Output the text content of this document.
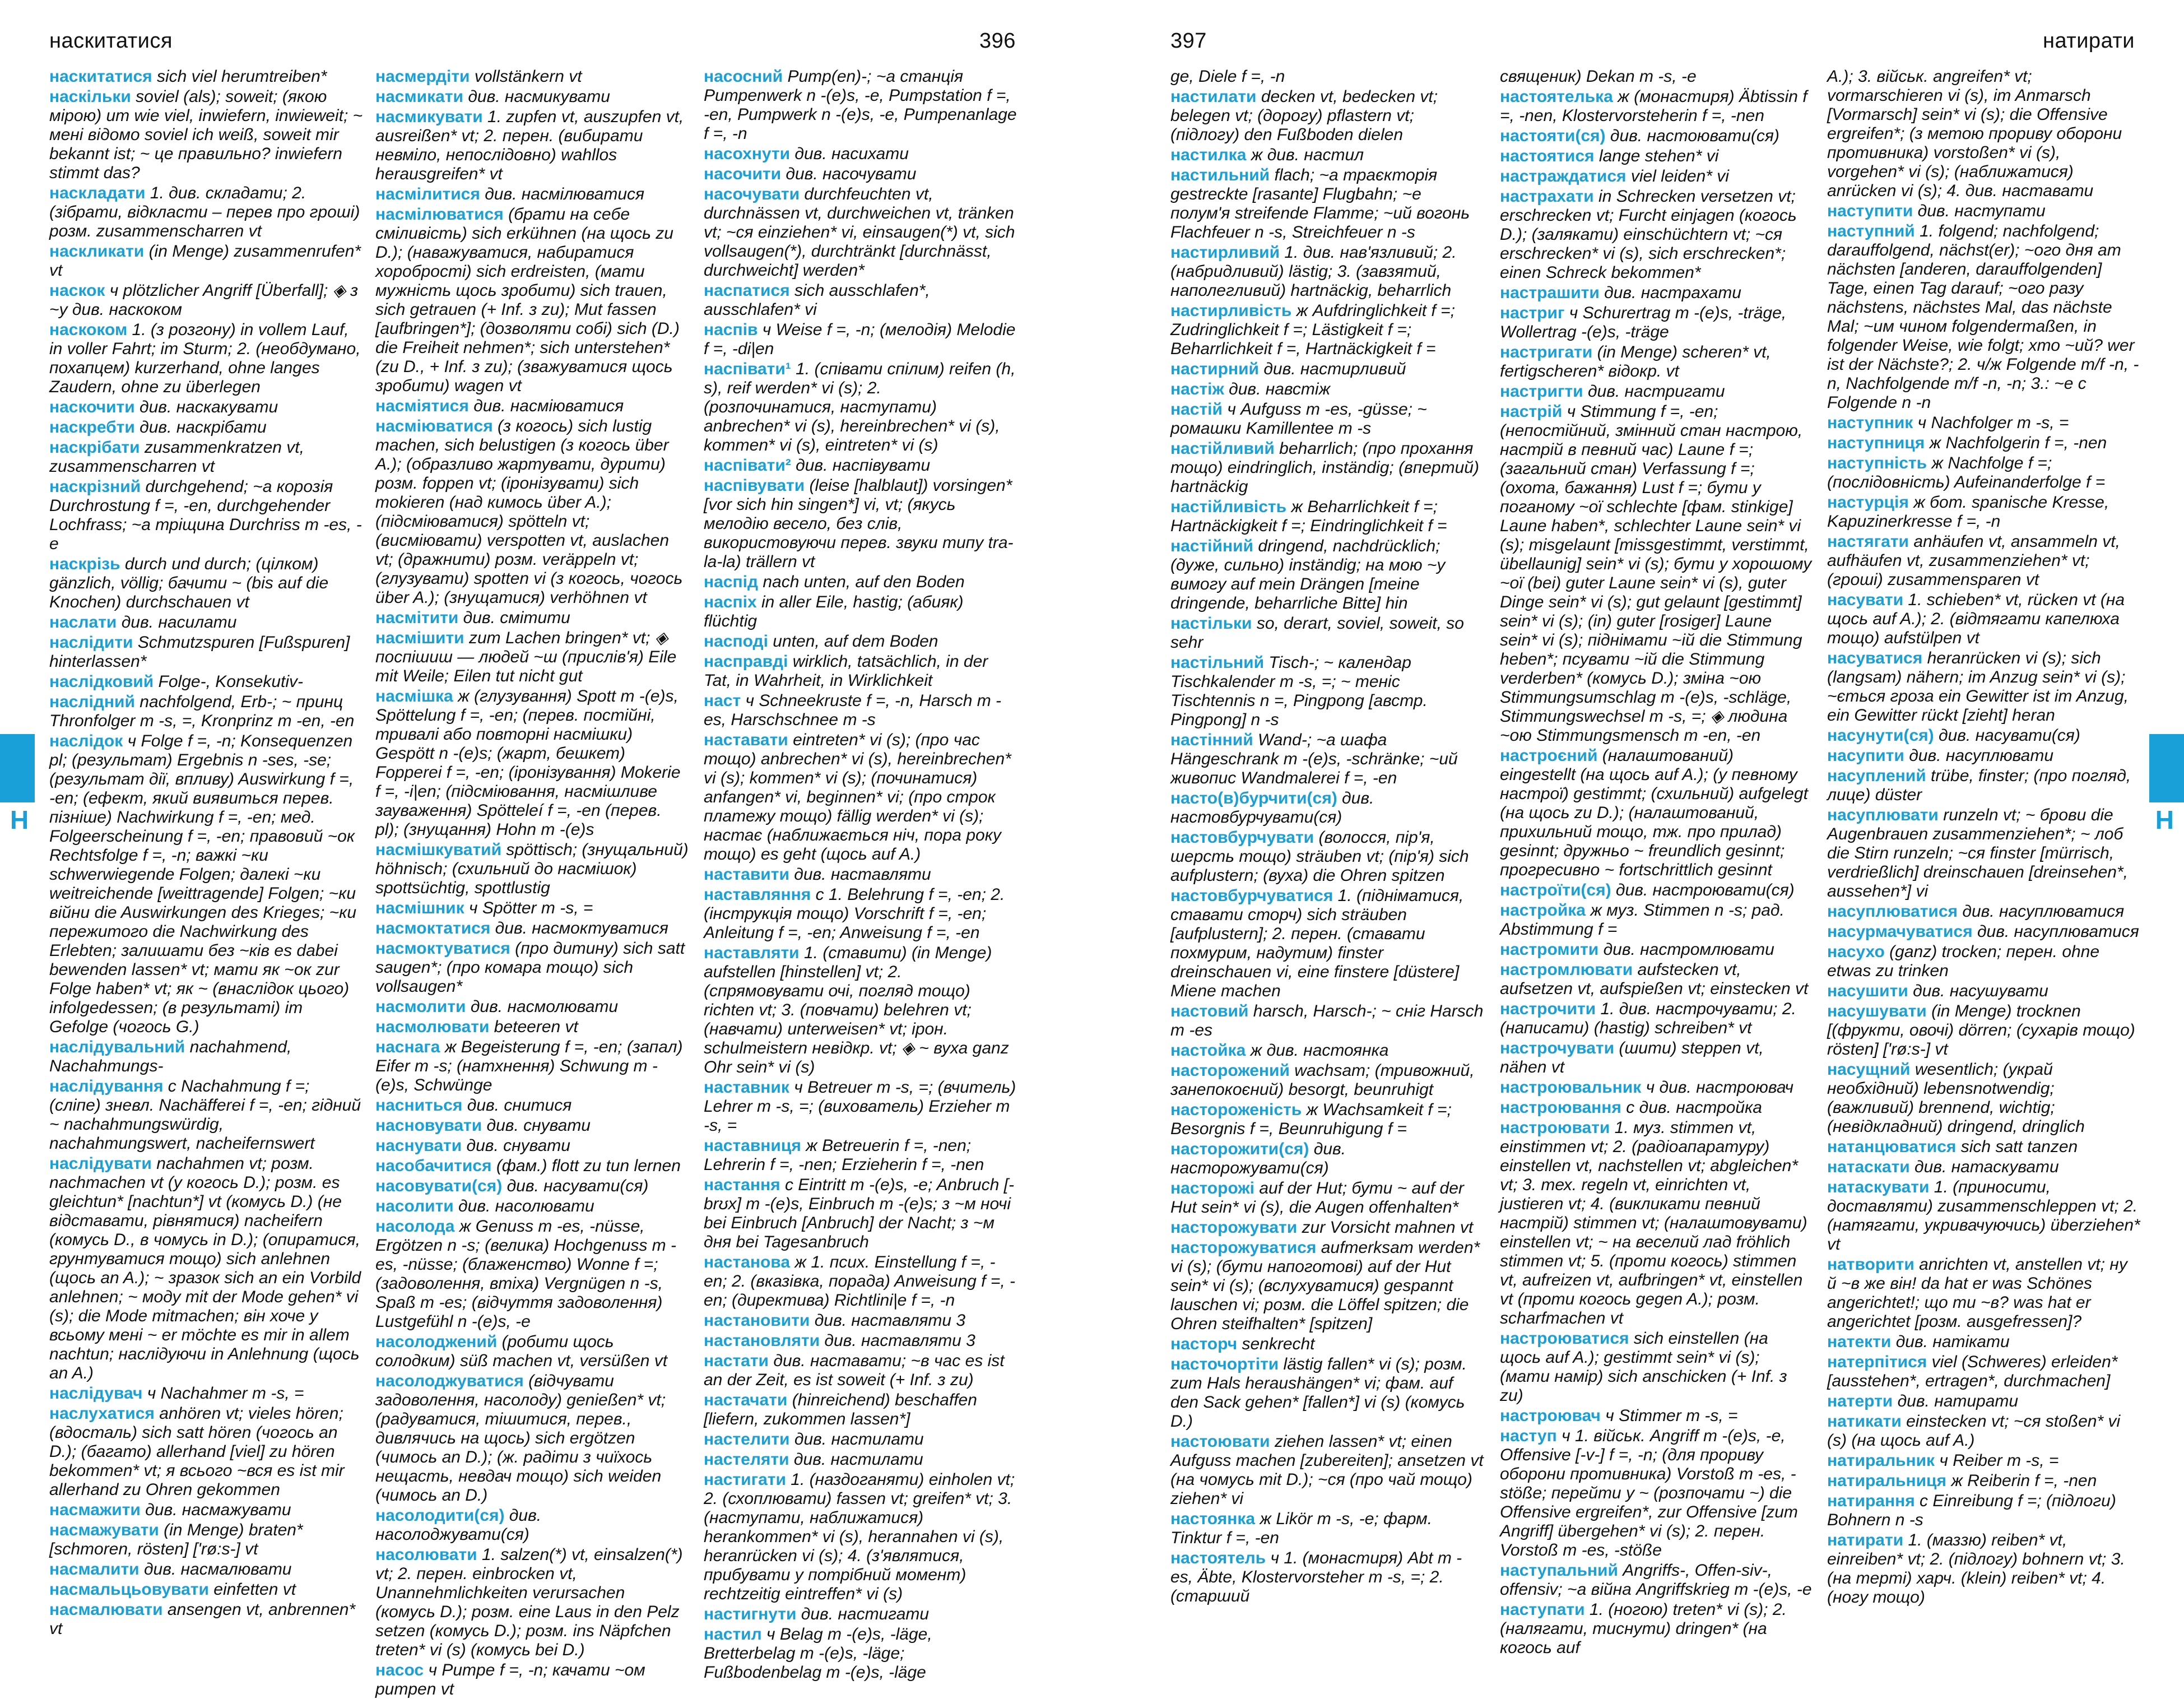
наскитатися	396
наскитатися sich viel herumtreiben*
наскільки soviel (als); soweit; (якою мірою) um wie viel, inwiefern, inwieweit; ~ мені відомо soviel ich weiß, soweit mir bekannt ist; ~ це правильно? inwiefern stimmt das?
наскладати 1. див. складати; 2. (зібрати, відкласти – перев про гроші) розм. zusammenscharren vt
наскликати (in Menge) zusammenrufen* vt
наскок ч plötzlicher Angriff [Überfall]; ◈ з ~у див. наскоком
наскоком 1. (з розгону) in vollem Lauf, in voller Fahrt; im Sturm; 2. (необдумано, похапцем) kurzerhand, ohne langes Zaudern, ohne zu überlegen
наскочити див. наскакувати
наскребти див. наскрібати
наскрібати zusammenkratzen vt, zusammenscharren vt
наскрізний durchgehend; ~а корозія Durchrostung f =, -en, durchgehender Lochfrass; ~а тріщина Durchriss m -es, -e
наскрізь durch und durch; (цілком) gänzlich, völlig; бачити ~ (bis auf die Knochen) durchschauen vt
наслати див. насилати
наслідити Schmutzspuren [Fußspuren] hinterlassen*
наслідковий Folge-, Konsekutiv-
наслідний nachfolgend, Erb-; ~ принц Thronfolger m -s, =, Kronprinz m -en, -en
наслідок ч Folge f =, -n; Konsequenzen pl; (результат) Ergebnis n -ses, -se; (результат дії, впливу) Auswirkung f =, -en; (ефект, який виявиться перев. пізніше) Nachwirkung f =, -en; мед. Folgeerscheinung f =, -en; правовий ~ок Rechtsfolge f =, -n; важкі ~ки schwerwiegende Folgen; далекі ~ки weitreichende [weittragende] Folgen; ~ки війни die Auswirkungen des Krieges; ~ки пережитого die Nachwirkung des Erlebten; залишати без ~ків es dabei bewenden lassen* vt; мати як ~ок zur Folge haben* vt; як ~ (внаслідок цього) infolgedessen; (в результаті) im Gefolge (чогось G.)
наслідувальний nachahmend, Nachahmungs-
наслідування с Nachahmung f =; (сліпе) зневл. Nachäfferei f =, -en; гідний ~ nachahmungswürdig, nachahmungswert, nacheifernswert
наслідувати nachahmen vt; розм. nachmachen vt (у когось D.); розм. es gleichtun* [nachtun*] vt (комусь D.) (не відставати, рівнятися) nacheifern (комусь D., в чомусь in D.); (опиратися, грунтуватися тощо) sich anlehnen (щось an A.); ~ зразок sich an ein Vorbild anlehnen; ~ моду mit der Mode gehen* vi (s); die Mode mitmachen; він хоче у всьому мені ~ er möchte es mir in allem nachtun; наслідуючи in Anlehnung (щось an A.)
наслідувач ч Nachahmer m -s, =
наслухатися anhören vt; vieles hören; (вдосталь) sich satt hören (чогось an D.); (багато) allerhand [viel] zu hören bekommen* vt; я всього ~вся es ist mir allerhand zu Ohren gekommen
насмажити див. насмажувати
насмажувати (in Menge) braten* [schmoren, rösten] ['rø:s-] vt
насмалити див. насмалювати
насмальцьовувати einfetten vt
насмалювати ansengen vt, anbrennen* vt
насмердіти vollstänkern vt
насмикати див. насмикувати
насмикувати 1. zupfen vt, auszupfen vt, ausreißen* vt; 2. перен. (вибирати невміло, непослідовно) wahllos herausgreifen* vt
насмілитися див. насмілюватися
насмілюватися (брати на себе сміливість) sich erkühnen (на щось zu D.); (наважуватися, набиратися хоробрості) sich erdreisten, (мати мужність щось зробити) sich trauen, sich getrauen (+ Inf. з zu); Mut fassen [aufbringen*]; (дозволяти собі) sich (D.) die Freiheit nehmen*; sich unterstehen* (zu D., + Inf. з zu); (зважуватися щось зробити) wagen vt
насміятися див. насміюватися
насміюватися (з когось) sich lustig machen, sich belustigen (з когось über A.); (образливо жартувати, дурити) розм. foppen vt; (іронізувати) sich mokieren (над кимось über A.); (підсміюватися) spötteln vt; (висміювати) verspotten vt, auslachen vt; (дражнити) розм. veräppeln vt; (глузувати) spotten vi (з когось, чогось über A.); (знущатися) verhöhnen vt
насмітити див. смітити
насмішити zum Lachen bringen* vt; ◈ поспішиш — людей ~ш (прислів'я) Eile mit Weile; Eilen tut nicht gut
насмішка ж (глузування) Spott m -(e)s, Spöttelung f =, -en; (перев. постійні, тривалі або повторні насмішки) Gespött n -(e)s; (жарт, бешкет) Fopperei f =, -en; (іронізування) Mokerie f =, -i|en; (підсміювання, насмішливе зауваження) Spötteleí f =, -en (перев. pl); (знущання) Hohn m -(e)s
насмішкуватий spöttisch; (знущальний) höhnisch; (схильний до насмішок) spottsüchtig, spottlustig
насмішник ч Spötter m -s, =
насмоктатися див. насмоктуватися
насмоктуватися (про дитину) sich satt saugen*; (про комара тощо) sich vollsaugen*
насмолити див. насмолювати
насмолювати beteeren vt
наснага ж Begeisterung f =, -en; (запал) Eifer m -s; (натхнення) Schwung m -(e)s, Schwünge
насниться див. снитися
насновувати див. снувати
наснувати див. снувати
насобачитися (фам.) flott zu tun lernen
насовувати(ся) див. насувати(ся)
насолити див. насолювати
насолода ж Genuss m -es, -nüsse, Ergötzen n -s; (велика) Hochgenuss m -es, -nüsse; (блаженство) Wonne f =; (задоволення, втіха) Vergnügen n -s, Spaß m -es; (відчуття задоволення) Lustgefühl n -(e)s, -e
насолоджений (робити щось солодким) süß machen vt, versüßen vt
насолоджуватися (відчувати задоволення, насолоду) genießen* vt; (радуватися, тішитися, перев., дивлячись на щось) sich ergötzen (чимось an D.); (ж. радіти з чиїхось нещасть, невдач тощо) sich weiden (чимось an D.)
насолодити(ся) див. насолоджувати(ся)
насолювати 1. salzen(*) vt, einsalzen(*) vt; 2. перен. einbrocken vt, Unannehmlichkeiten verursachen (комусь D.); розм. eine Laus in den Pelz setzen (комусь D.); розм. ins Näpfchen treten* vi (s) (комусь bei D.)
насос ч Pumpe f =, -n; качати ~ом pumpen vt
насосний Pump(en)-; ~а станція Pumpenwerk n -(e)s, -e, Pumpstation f =, -en, Pumpwerk n -(e)s, -e, Pumpenanlage f =, -n
насохнути див. насихати
насочити див. насочувати
насочувати durchfeuchten vt, durchnässen vt, durchweichen vt, tränken vt; ~ся einziehen* vi, einsaugen(*) vt, sich vollsaugen(*), durchtränkt [durchnässt, durchweicht] werden*
наспатися sich ausschlafen*, ausschlafen* vi
наспів ч Weise f =, -n; (мелодія) Melodie f =, -di|en
наспівати¹ 1. (співати спілим) reifen (h, s), reif werden* vi (s); 2. (розпочинатися, наступати) anbrechen* vi (s), hereinbrechen* vi (s), kommen* vi (s), eintreten* vi (s)
наспівати² див. наспівувати
наспівувати (leise [halblaut]) vorsingen* [vor sich hin singen*] vi, vt; (якусь мелодію весело, без слів, використовуючи перев. звуки типу tra-la-la) trällern vt
наспід nach unten, auf den Boden
наспіх in aller Eile, hastig; (абияк) flüchtig
насподі unten, auf dem Boden
насправді wirklich, tatsächlich, in der Tat, in Wahrheit, in Wirklichkeit
наст ч Schneekruste f =, -n, Harsch m -es, Harschschnee m -s
наставати eintreten* vi (s); (про час тощо) anbrechen* vi (s), hereinbrechen* vi (s); kommen* vi (s); (починатися) anfangen* vi, beginnen* vi; (про строк платежу тощо) fällig werden* vi (s); настає (наближається ніч, пора року тощо) es geht (щось auf A.)
наставити див. наставляти
наставляння с 1. Belehrung f =, -en; 2. (інструкція тощо) Vorschrift f =, -en; Anleitung f =, -en; Anweisung f =, -en
наставляти 1. (ставити) (in Menge) aufstellen [hinstellen] vt; 2. (спрямовувати очі, погляд тощо) richten vt; 3. (повчати) belehren vt; (навчати) unterweisen* vt; ірон. schulmeistern невідкр. vt; ◈ ~ вуха ganz Ohr sein* vi (s)
наставник ч Betreuer m -s, =; (вчитель) Lehrer m -s, =; (вихователь) Erzieher m -s, =
наставниця ж Betreuerin f =, -nen; Lehrerin f =, -nen; Erzieherin f =, -nen
настання с Eintritt m -(e)s, -e; Anbruch [-brʊx] m -(e)s, Einbruch m -(e)s; з ~м ночі bei Einbruch [Anbruch] der Nacht; з ~м дня bei Tagesanbruch
настанова ж 1. псих. Einstellung f =, -en; 2. (вказівка, порада) Anweisung f =, -en; (директива) Richtlini|e f =, -n
настановити див. наставляти 3
настановляти див. наставляти 3
настати див. наставати; ~в час es ist an der Zeit, es ist soweit (+ Inf. з zu)
настачати (hinreichend) beschaffen [liefern, zukommen lassen*]
настелити див. настилати
настеляти див. настилати
настигати 1. (наздоганяти) einholen vt; 2. (схоплювати) fassen vt; greifen* vt; 3. (наступати, наближатися) herankommen* vi (s), herannahen vi (s), heranrücken vi (s); 4. (з'являтися, прибувати у потрібний момент) rechtzeitig eintreffen* vi (s)
настигнути див. настигати
настил ч Belag m -(e)s, -läge, Bretterbelag m -(e)s, -läge; Fußbodenbelag m -(e)s, -läge
397	натирати
ge, Diele f =, -n
настилати decken vt, bedecken vt; belegen vt; (дорогу) pflastern vt; (підлогу) den Fußboden dielen
настилка ж див. настил
настильний flach; ~а траєкторія gestreckte [rasante] Flugbahn; ~е полум'я streifende Flamme; ~ий вогонь Flachfeuer n -s, Streichfeuer n -s
настирливий 1. див. нав'язливий; 2. (набридливий) lästig; 3. (завзятий, наполегливий) hartnäckig, beharrlich
настирливість ж Aufdringlichkeit f =; Zudringlichkeit f =; Lästigkeit f =; Beharrlichkeit f =, Hartnäckigkeit f =
настирний див. настирливий
настіж див. навстіж
настій ч Aufguss m -es, -güsse; ~ ромашки Kamillentee m -s
настійливий beharrlich; (про прохання тощо) eindringlich, inständig; (впертий) hartnäckig
настійливість ж Beharrlichkeit f =; Hartnäckigkeit f =; Eindringlichkeit f =
настійний dringend, nachdrücklich; (дуже, сильно) inständig; на мою ~у вимогу auf mein Drängen [meine dringende, beharrliche Bitte] hin
настільки so, derart, soviel, soweit, so sehr
настільний Tisch-; ~ календар Tischkalender m -s, =; ~ теніс Tischtennis n =, Pingpong [австр. Pingpong] n -s
настінний Wand-; ~а шафа Hängeschrank m -(e)s, -schränke; ~ий живопис Wandmalerei f =, -en
насто(в)бурчити(ся) див. настовбурчувати(ся)
настовбурчувати (волосся, пір'я, шерсть тощо) sträuben vt; (пір'я) sich aufplustern; (вуха) die Ohren spitzen
настовбурчуватися 1. (підніматися, ставати сторч) sich sträuben [aufplustern]; 2. перен. (ставати похмурим, надутим) finster dreinschauen vi, eine finstere [düstere] Miene machen
настовий harsch, Harsch-; ~ сніг Harsch m -es
настойка ж див. настоянка
насторожений wachsam; (тривожний, занепокоєний) besorgt, beunruhigt
настороженість ж Wachsamkeit f =; Besorgnis f =, Beunruhigung f =
насторожити(ся) див. насторожувати(ся)
насторожі auf der Hut; бути ~ auf der Hut sein* vi (s), die Augen offenhalten*
насторожувати zur Vorsicht mahnen vt
насторожуватися aufmerksam werden* vi (s); (бути напоготові) auf der Hut sein* vi (s); (вслухуватися) gespannt lauschen vi; розм. die Löffel spitzen; die Ohren steifhalten* [spitzen]
насторч senkrecht
насточортіти lästig fallen* vi (s); розм. zum Hals heraushängen* vi; фам. auf den Sack gehen* [fallen*] vi (s) (комусь D.)
настоювати ziehen lassen* vt; einen Aufguss machen [zubereiten]; ansetzen vt (на чомусь mit D.); ~ся (про чай тощо) ziehen* vi
настоянка ж Likör m -s, -e; фарм. Tinktur f =, -en
настоятель ч 1. (монастиря) Abt m -es, Äbte, Klostervorsteher m -s, =; 2. (старший
священик) Dekan m -s, -e
настоятелька ж (монастиря) Äbtissin f =, -nen, Klostervorsteherin f =, -nen
настояти(ся) див. настоювати(ся)
настоятися lange stehen* vi
настраждатися viel leiden* vi
настрахати in Schrecken versetzen vt; erschrecken vt; Furcht einjagen (когось D.); (залякати) einschüchtern vt; ~ся erschrecken* vi (s), sich erschrecken*; einen Schreck bekommen*
настрашити див. настрахати
настриг ч Schurertrag m -(e)s, -träge, Wollertrag -(e)s, -träge
настригати (in Menge) scheren* vt, fertigscheren* відокр. vt
настригти див. настригати
настрій ч Stimmung f =, -en; (непостійний, змінний стан настрою, настрій в певний час) Laune f =; (загальний стан) Verfassung f =; (охота, бажання) Lust f =; бути у поганому ~ої schlechte [фам. stinkige] Laune haben*, schlechter Laune sein* vi (s); misgelaunt [missgestimmt, verstimmt, übellaunig] sein* vi (s); бути у хорошому ~ої (bei) guter Laune sein* vi (s), guter Dinge sein* vi (s); gut gelaunt [gestimmt] sein* vi (s); (in) guter [rosiger] Laune sein* vi (s); піднімати ~ій die Stimmung heben*; псувати ~ій die Stimmung verderben* (комусь D.); зміна ~ою Stimmungsumschlag m -(e)s, -schläge, Stimmungswechsel m -s, =; ◈ людина ~ою Stimmungsmensch m -en, -en
настроєний (налаштований) eingestellt (на щось auf A.); (у певному настрої) gestimmt; (схильний) aufgelegt (на щось zu D.); (налаштований, прихильний тощо, тж. про прилад) gesinnt; дружньо ~ freundlich gesinnt; прогресивно ~ fortschrittlich gesinnt
настроїти(ся) див. настроювати(ся)
настройка ж муз. Stimmen n -s; рад. Abstimmung f =
настромити див. настромлювати
настромлювати aufstecken vt, aufsetzen vt, aufspießen vt; einstecken vt
настрочити 1. див. настрочувати; 2. (написати) (hastig) schreiben* vt
настрочувати (шити) steppen vt, nähen vt
настроювальник ч див. настроювач
настроювання с див. настройка
настроювати 1. муз. stimmen vt, einstimmen vt; 2. (радіоапаратуру) einstellen vt, nachstellen vt; abgleichen* vt; 3. тех. regeln vt, einrichten vt, justieren vt; 4. (викликати певний настрій) stimmen vt; (налаштовувати) einstellen vt; ~ на веселий лад fröhlich stimmen vt; 5. (проти когось) stimmen vt, aufreizen vt, aufbringen* vt, einstellen vt (проти когось gegen A.); розм. scharfmachen vt
настроюватися sich einstellen (на щось auf A.); gestimmt sein* vi (s); (мати намір) sich anschicken (+ Inf. з zu)
настроювач ч Stimmer m -s, =
наступ ч 1. військ. Angriff m -(e)s, -e, Offensive [-v-] f =, -n; (для прориву оборони противника) Vorstoß m -es, -stöße; перейти у ~ (розпочати ~) die Offensive ergreifen*, zur Offensive [zum Angriff] übergehen* vi (s); 2. перен. Vorstoß m -es, -stöße
наступальний Angriffs-, Offen-siv-, offensiv; ~а війна Angriffskrieg m -(e)s, -e
наступати 1. (ногою) treten* vi (s); 2. (налягати, тиснути) dringen* (на когось auf
A.); 3. військ. angreifen* vt; vormarschieren vi (s), im Anmarsch [Vormarsch] sein* vi (s); die Offensive ergreifen*; (з метою прориву оборони противника) vorstoßen* vi (s), vorgehen* vi (s); (наближатися) anrücken vi (s); 4. див. наставати
наступити див. наступати
наступний 1. folgend; nachfolgend; darauffolgend, nächst(er); ~ого дня am nächsten [anderen, darauffolgenden] Tage, einen Tag darauf; ~ого разу nächstens, nächstes Mal, das nächste Mal; ~им чином folgendermaßen, in folgender Weise, wie folgt; хто ~ий? wer ist der Nächste?; 2. ч/ж Folgende m/f -n, -n, Nachfolgende m/f -n, -n; 3.: ~е с Folgende n -n
наступник ч Nachfolger m -s, =
наступниця ж Nachfolgerin f =, -nen
наступність ж Nachfolge f =; (послідовність) Aufeinanderfolge f =
настурція ж бот. spanische Kresse, Kapuzinerkresse f =, -n
настягати anhäufen vt, ansammeln vt, aufhäufen vt, zusammenziehen* vt; (гроші) zusammensparen vt
насувати 1. schieben* vt, rücken vt (на щось auf A.); 2. (відтягати капелюха тощо) aufstülpen vt
насуватися heranrücken vi (s); sich (langsam) nähern; im Anzug sein* vi (s); ~ється гроза ein Gewitter ist im Anzug, ein Gewitter rückt [zieht] heran
насунути(ся) див. насувати(ся)
насупити див. насуплювати
насуплений trübe, finster; (про погляд, лице) düster
насуплювати runzeln vt; ~ брови die Augenbrauen zusammenziehen*; ~ лоб die Stirn runzeln; ~ся finster [mürrisch, verdrießlich] dreinschauen [dreinsehen*, aussehen*] vi
насуплюватися див. насуплюватися
насурмачуватися див. насуплюватися
насухо (ganz) trocken; перен. ohne etwas zu trinken
насушити див. насушувати
насушувати (in Menge) trocknen [(фрукти, овочі) dörren; (сухарів тощо) rösten] ['rø:s-] vt
насущний wesentlich; (украй необхідний) lebensnotwendig; (важливий) brennend, wichtig; (невідкладний) dringend, dringlich
натанцюватися sich satt tanzen
натаскати див. натаскувати
натаскувати 1. (приносити, доставляти) zusammenschleppen vt; 2. (натягати, укривачуючись) überziehen* vt
натворити anrichten vt, anstellen vt; ну й ~в же він! da hat er was Schönes angerichtet!; що ти ~в? was hat er angerichtet [розм. ausgefressen]?
натекти див. натікати
натерпітися viel (Schweres) erleiden* [ausstehen*, ertragen*, durchmachen]
натерти див. натирати
натикати einstecken vt; ~ся stoßen* vi (s) (на щось auf A.)
натиральник ч Reiber m -s, =
натиральниця ж Reiberin f =, -nen
натирання с Einreibung f =; (підлоги) Bohnern n -s
натирати 1. (маззю) reiben* vt, einreiben* vt; 2. (підлогу) bohnern vt; 3. (на терті) харч. (klein) reiben* vt; 4. (ногу тощо)
Н	Н
